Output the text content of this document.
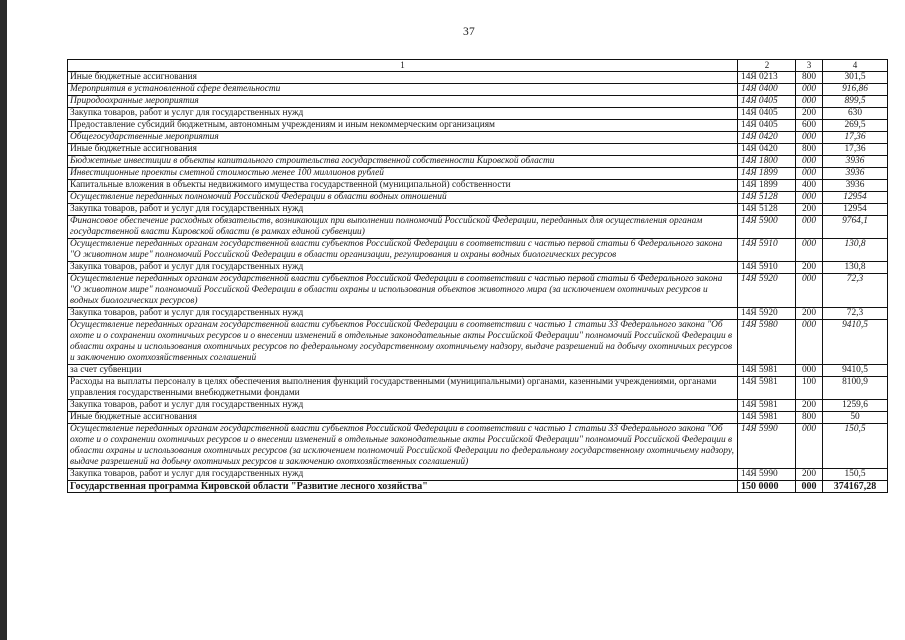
37
1	2	3	4
Иные бюджетные ассигнования	14Я 0213	800	301,5
Мероприятия в установленной сфере деятельности	14Я 0400	000	916,86
Природоохранные мероприятия	14Я 0405	000	899,5
Закупка товаров, работ и услуг для государственных нужд	14Я 0405	200	630
Предоставление субсидий бюджетным, автономным учреждениям и иным некоммерческим организациям	14Я 0405	600	269,5
Общегосударственные мероприятия	14Я 0420	000	17,36
Иные бюджетные ассигнования	14Я 0420	800	17,36
Бюджетные инвестиции в объекты капитального строительства государственной собственности Кировской области	14Я 1800	000	3936
Инвестиционные проекты сметной стоимостью менее 100 миллионов рублей	14Я 1899	000	3936
Капитальные вложения в объекты недвижимого имущества государственной (муниципальной) собственности	14Я 1899	400	3936
Осуществление переданных полномочий Российской Федерации в области водных отношений	14Я 5128	000	12954
Закупка товаров, работ и услуг для государственных нужд	14Я 5128	200	12954
Финансовое обеспечение расходных обязательств, возникающих при выполнении полномочий Российской Федерации, переданных для осуществления органам государственной власти Кировской области (в рамках единой субвенции)	14Я 5900	000	9764,1
Осуществление переданных органам государственной власти субъектов Российской Федерации в соответствии с частью первой статьи 6 Федерального закона "О животном мире" полномочий Российской Федерации в области организации, регулирования и охраны водных биологических ресурсов	14Я 5910	000	130,8
Закупка товаров, работ и услуг для государственных нужд	14Я 5910	200	130,8
Осуществление переданных органам государственной власти субъектов Российской Федерации в соответствии с частью первой статьи 6 Федерального закона "О животном мире" полномочий Российской Федерации в области охраны и использования объектов животного мира (за исключением охотничьих ресурсов и водных биологических ресурсов)	14Я 5920	000	72,3
Закупка товаров, работ и услуг для государственных нужд	14Я 5920	200	72,3
Осуществление переданных органам государственной власти субъектов Российской Федерации в соответствии с частью 1 статьи 33 Федерального закона "Об охоте и о сохранении охотничьих ресурсов и о внесении изменений в отдельные законодательные акты Российской Федерации" полномочий Российской Федерации в области охраны и использования охотничьих ресурсов по федеральному государственному охотничьему надзору, выдаче разрешений на добычу охотничьих ресурсов и заключению охотхозяйственных соглашений	14Я 5980	000	9410,5
за счет субвенции	14Я 5981	000	9410,5
Расходы на выплаты персоналу в целях обеспечения выполнения функций государственными (муниципальными) органами, казенными учреждениями, органами управления государственными внебюджетными фондами	14Я 5981	100	8100,9
Закупка товаров, работ и услуг для государственных нужд	14Я 5981	200	1259,6
Иные бюджетные ассигнования	14Я 5981	800	50
Осуществление переданных органам государственной власти субъектов Российской Федерации в соответствии с частью 1 статьи 33 Федерального закона "Об охоте и о сохранении охотничьих ресурсов и о внесении изменений в отдельные законодательные акты Российской Федерации" полномочий Российской Федерации в области охраны и использования охотничьих ресурсов (за исключением полномочий Российской Федерации по федеральному государственному охотничьему надзору, выдаче разрешений на добычу охотничьих ресурсов и заключению охотхозяйственных соглашений)	14Я 5990	000	150,5
Закупка товаров, работ и услуг для государственных нужд	14Я 5990	200	150,5
Государственная программа Кировской области "Развитие лесного хозяйства"	150 0000	000	374167,28
